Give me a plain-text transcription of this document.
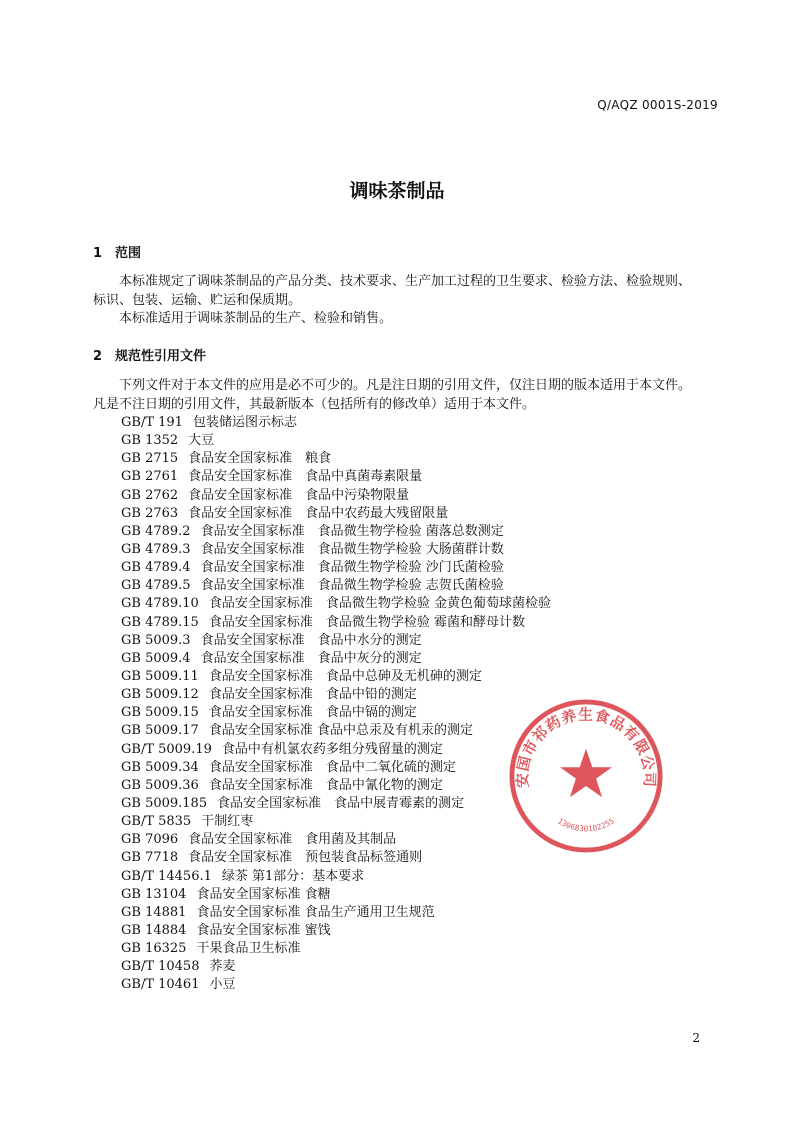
Q/AQZ 0001S-2019
调味茶制品
1 范围

本标准规定了调味茶制品的产品分类、技术要求、生产加工过程的卫生要求、检验方法、检验规则、
标识、包装、运输、贮运和保质期。
本标准适用于调味茶制品的生产、检验和销售。

2 规范性引用文件

下列文件对于本文件的应用是必不可少的。凡是注日期的引用文件，仅注日期的版本适用于本文件。
凡是不注日期的引用文件，其最新版本（包括所有的修改单）适用于本文件。

GB/T 191 包装储运图示标志
GB 1352 大豆
GB 2715 食品安全国家标准　粮食
GB 2761 食品安全国家标准　食品中真菌毒素限量
GB 2762 食品安全国家标准　食品中污染物限量
GB 2763 食品安全国家标准　食品中农药最大残留限量
GB 4789.2 食品安全国家标准　食品微生物学检验 菌落总数测定
GB 4789.3 食品安全国家标准　食品微生物学检验 大肠菌群计数
GB 4789.4 食品安全国家标准　食品微生物学检验 沙门氏菌检验
GB 4789.5 食品安全国家标准　食品微生物学检验 志贺氏菌检验
GB 4789.10 食品安全国家标准　食品微生物学检验 金黄色葡萄球菌检验
GB 4789.15 食品安全国家标准　食品微生物学检验 霉菌和酵母计数
GB 5009.3 食品安全国家标准　食品中水分的测定
GB 5009.4 食品安全国家标准　食品中灰分的测定
GB 5009.11 食品安全国家标准　食品中总砷及无机砷的测定
GB 5009.12 食品安全国家标准　食品中铅的测定
GB 5009.15 食品安全国家标准　食品中镉的测定
GB 5009.17 食品安全国家标准 食品中总汞及有机汞的测定
GB/T 5009.19 食品中有机氯农药多组分残留量的测定
GB 5009.34 食品安全国家标准　食品中二氧化硫的测定
GB 5009.36 食品安全国家标准　食品中氰化物的测定
GB 5009.185 食品安全国家标准　食品中展青霉素的测定
GB/T 5835 干制红枣
GB 7096 食品安全国家标准　食用菌及其制品
GB 7718 食品安全国家标准　预包装食品标签通则
GB/T 14456.1 绿茶 第1部分：基本要求
GB 13104 食品安全国家标准 食糖
GB 14881 食品安全国家标准 食品生产通用卫生规范
GB 14884 食品安全国家标准 蜜饯
GB 16325 干果食品卫生标准
GB/T 10458 荞麦
GB/T 10461 小豆
安国市祁药养生食品有限公司
1306830102255
2
